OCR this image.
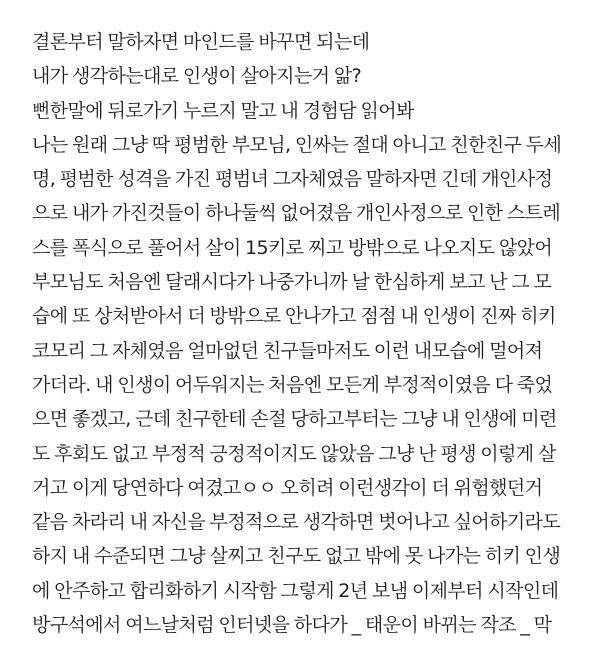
결론부터 말하자면 마인드를 바꾸면 되는데
내가 생각하는대로 인생이 살아지는거 앎?
뻔한말에 뒤로가기 누르지 말고 내 경험담 읽어봐
나는 원래 그냥 딱 평범한 부모님, 인싸는 절대 아니고 친한친구 두세
명, 평범한 성격을 가진 평범녀 그자체였음 말하자면 긴데 개인사정
으로 내가 가진것들이 하나둘씩 없어졌음 개인사정으로 인한 스트레
스를 폭식으로 풀어서 살이 15키로 찌고 방밖으로 나오지도 않았어
부모님도 처음엔 달래시다가 나중가니까 날 한심하게 보고 난 그 모
습에 또 상처받아서 더 방밖으로 안나가고 점점 내 인생이 진짜 히키
코모리 그 자체였음 얼마없던 친구들마저도 이런 내모습에 멀어져
가더라. 내 인생이 어두워지는 처음엔 모든게 부정적이였음 다 죽었
으면 좋겠고, 근데 친구한테 손절 당하고부터는 그냥 내 인생에 미련
도 후회도 없고 부정적 긍정적이지도 않았음 그냥 난 평생 이렇게 살
거고 이게 당연하다 여겼고ㅇㅇ 오히려 이런생각이 더 위험했던거
같음 차라리 내 자신을 부정적으로 생각하면 벗어나고 싶어하기라도
하지 내 수준되면 그냥 살찌고 친구도 없고 밖에 못 나가는 히키 인생
에 안주하고 합리화하기 시작함 그렇게 2년 보냄 이제부터 시작인데
방구석에서 여느날처럼 인터넷을 하다가 _ 태운이 바뀌는 작조 _ 막
